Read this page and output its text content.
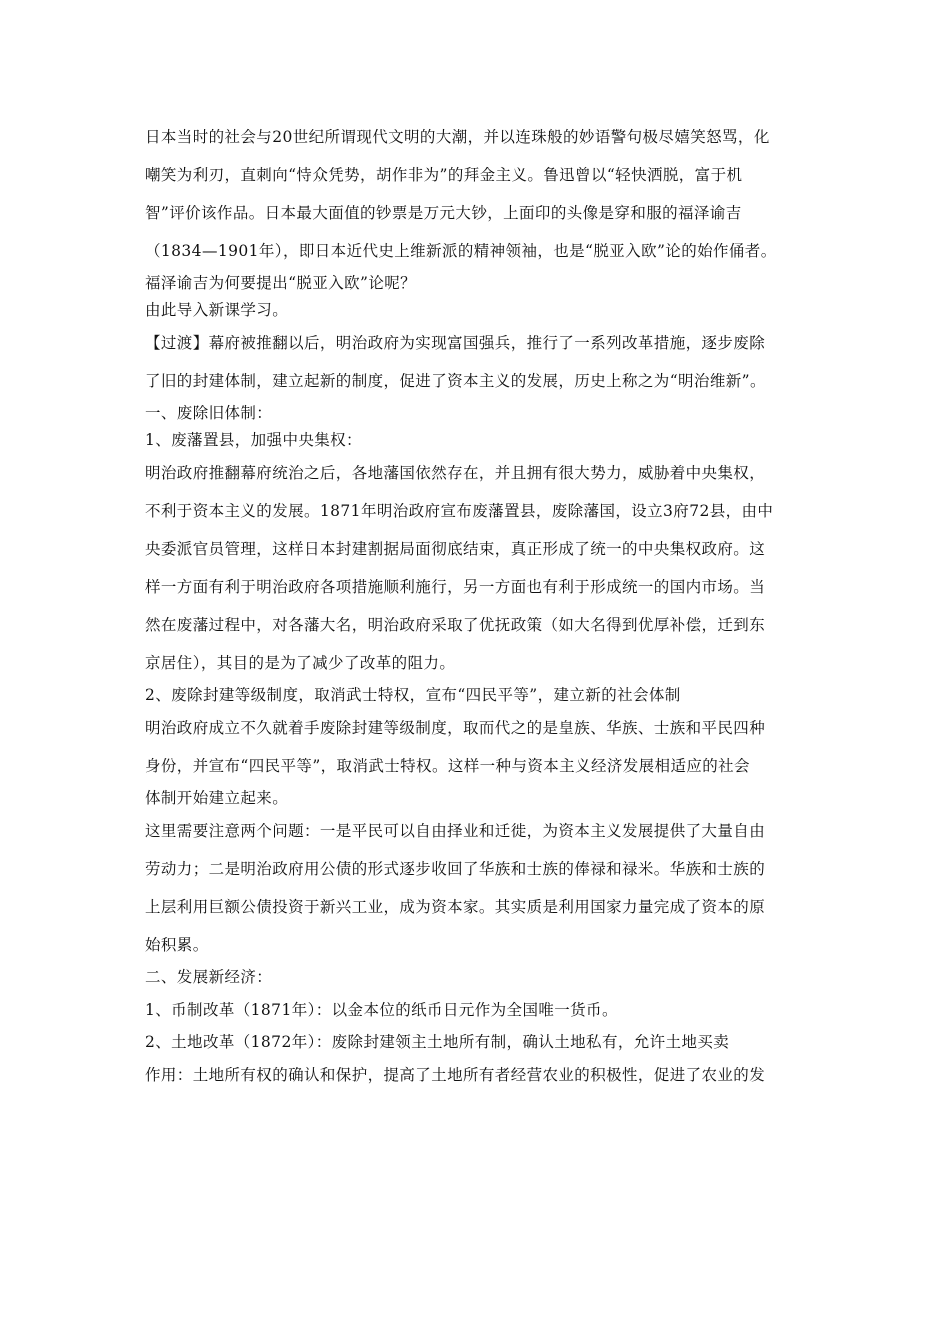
日本当时的社会与20世纪所谓现代文明的大潮，并以连珠般的妙语警句极尽嬉笑怒骂，化
嘲笑为利刃，直刺向“恃众凭势，胡作非为”的拜金主义。鲁迅曾以“轻快洒脱，富于机
智”评价该作品。日本最大面值的钞票是万元大钞，上面印的头像是穿和服的福泽谕吉
（1834—1901年），即日本近代史上维新派的精神领袖，也是“脱亚入欧”论的始作俑者。
福泽谕吉为何要提出“脱亚入欧”论呢？
由此导入新课学习。
【过渡】幕府被推翻以后，明治政府为实现富国强兵，推行了一系列改革措施，逐步废除
了旧的封建体制，建立起新的制度，促进了资本主义的发展，历史上称之为“明治维新”。
一、废除旧体制：
1、废藩置县，加强中央集权：
明治政府推翻幕府统治之后，各地藩国依然存在，并且拥有很大势力，威胁着中央集权，
不利于资本主义的发展。1871年明治政府宣布废藩置县，废除藩国，设立3府72县，由中
央委派官员管理，这样日本封建割据局面彻底结束，真正形成了统一的中央集权政府。这
样一方面有利于明治政府各项措施顺利施行，另一方面也有利于形成统一的国内市场。当
然在废藩过程中，对各藩大名，明治政府采取了优抚政策（如大名得到优厚补偿，迁到东
京居住），其目的是为了减少了改革的阻力。
2、废除封建等级制度，取消武士特权，宣布“四民平等”，建立新的社会体制
明治政府成立不久就着手废除封建等级制度，取而代之的是皇族、华族、士族和平民四种
身份，并宣布“四民平等”，取消武士特权。这样一种与资本主义经济发展相适应的社会
体制开始建立起来。
这里需要注意两个问题：一是平民可以自由择业和迁徙，为资本主义发展提供了大量自由
劳动力；二是明治政府用公债的形式逐步收回了华族和士族的俸禄和禄米。华族和士族的
上层利用巨额公债投资于新兴工业，成为资本家。其实质是利用国家力量完成了资本的原
始积累。
二、发展新经济：
1、币制改革（1871年）：以金本位的纸币日元作为全国唯一货币。
2、土地改革（1872年）：废除封建领主土地所有制，确认土地私有，允许土地买卖
作用：土地所有权的确认和保护，提高了土地所有者经营农业的积极性，促进了农业的发
